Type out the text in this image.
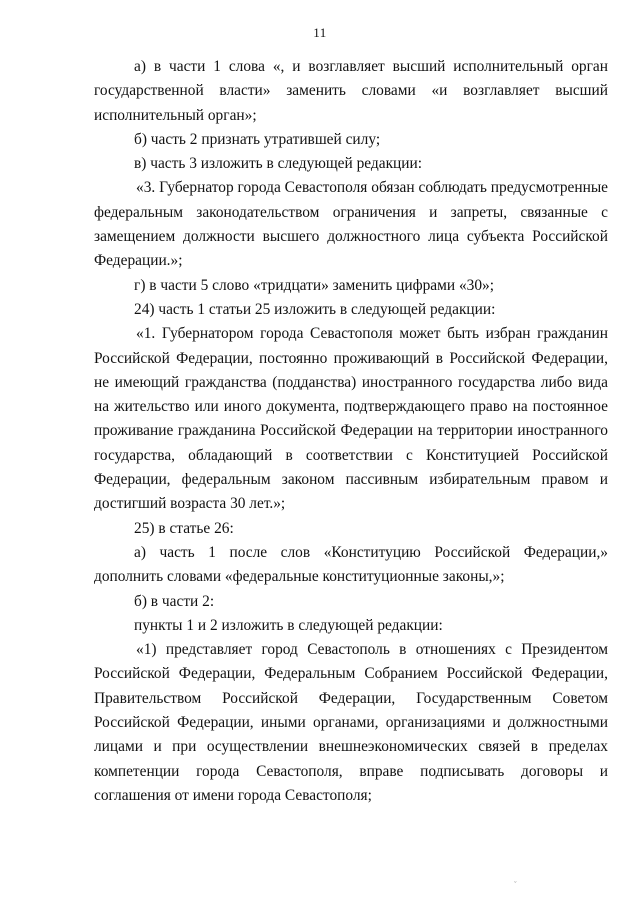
11

а) в части 1 слова «, и возглавляет высший исполнительный орган государственной власти» заменить словами «и возглавляет высший исполнительный орган»;

б) часть 2 признать утратившей силу;

в) часть 3 изложить в следующей редакции:

«3. Губернатор города Севастополя обязан соблюдать предусмотренные федеральным законодательством ограничения и запреты, связанные с замещением должности высшего должностного лица субъекта Российской Федерации.»;

г) в части 5 слово «тридцати» заменить цифрами «30»;

24) часть 1 статьи 25 изложить в следующей редакции:

«1. Губернатором города Севастополя может быть избран гражданин Российской Федерации, постоянно проживающий в Российской Федерации, не имеющий гражданства (подданства) иностранного государства либо вида на жительство или иного документа, подтверждающего право на постоянное проживание гражданина Российской Федерации на территории иностранного государства, обладающий в соответствии с Конституцией Российской Федерации, федеральным законом пассивным избирательным правом и достигший возраста 30 лет.»;

25) в статье 26:

а) часть 1 после слов «Конституцию Российской Федерации,» дополнить словами «федеральные конституционные законы,»;

б) в части 2:

пункты 1 и 2 изложить в следующей редакции:

«1) представляет город Севастополь в отношениях с Президентом Российской Федерации, Федеральным Собранием Российской Федерации, Правительством Российской Федерации, Государственным Советом Российской Федерации, иными органами, организациями и должностными лицами и при осуществлении внешнеэкономических связей в пределах компетенции города Севастополя, вправе подписывать договоры и соглашения от имени города Севастополя;

ˇ
